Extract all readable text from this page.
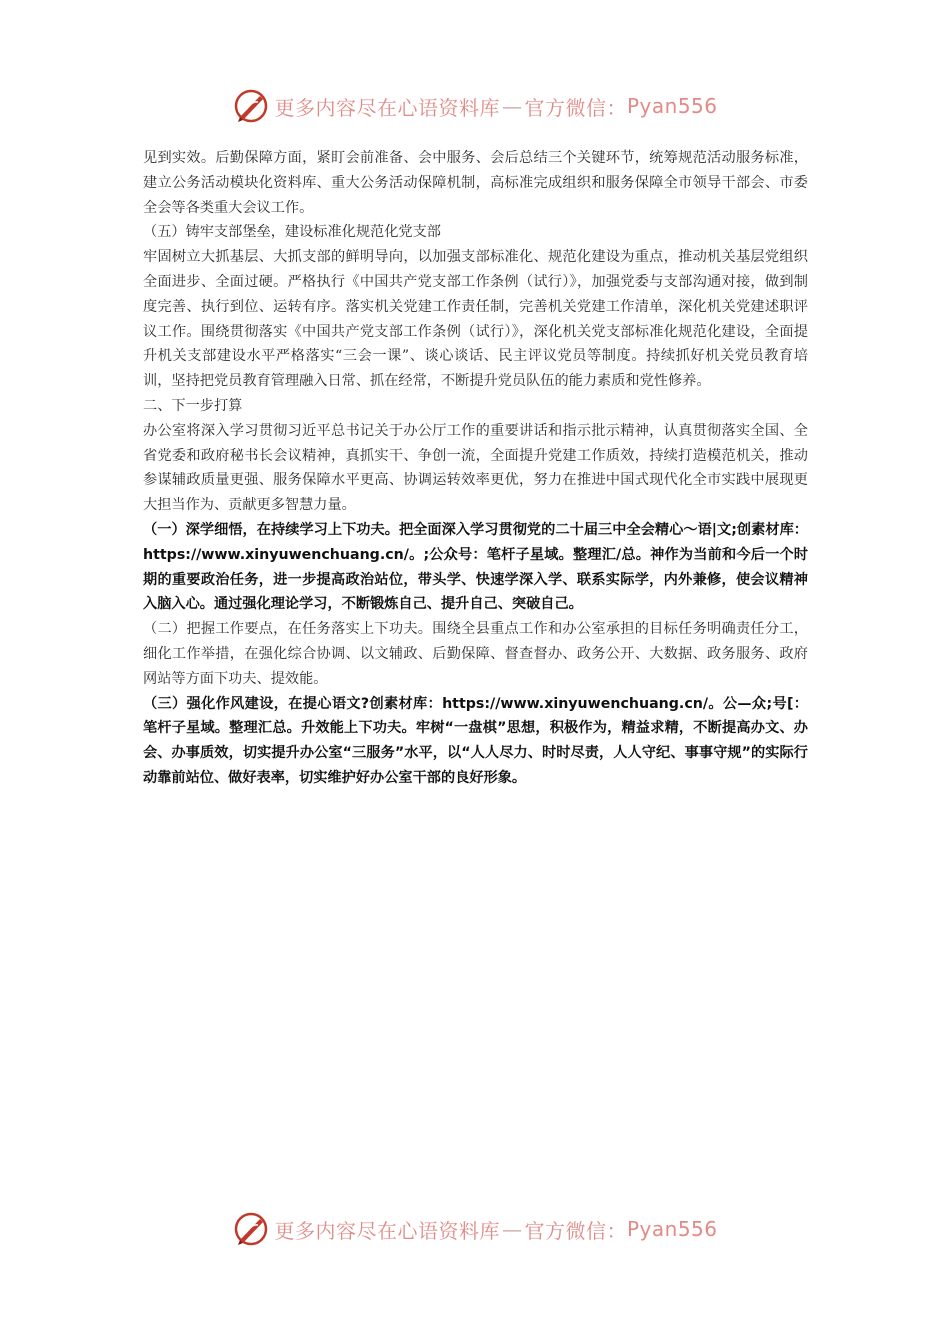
更多内容尽在心语资料库 — 官方微信： Pyan556

见到实效。后勤保障方面，紧盯会前准备、会中服务、会后总结三个关键环节，统筹规范活动服务标准，建立公务活动模块化资料库、重大公务活动保障机制，高标准完成组织和服务保障全市领导干部会、市委全会等各类重大会议工作。

（五）铸牢支部堡垒，建设标准化规范化党支部

牢固树立大抓基层、大抓支部的鲜明导向，以加强支部标准化、规范化建设为重点，推动机关基层党组织全面进步、全面过硬。严格执行《中国共产党支部工作条例（试行）》，加强党委与支部沟通对接，做到制度完善、执行到位、运转有序。落实机关党建工作责任制，完善机关党建工作清单，深化机关党建述职评议工作。围绕贯彻落实《中国共产党支部工作条例（试行）》，深化机关党支部标准化规范化建设，全面提升机关支部建设水平严格落实“三会一课”、谈心谈话、民主评议党员等制度。持续抓好机关党员教育培训，坚持把党员教育管理融入日常、抓在经常，不断提升党员队伍的能力素质和党性修养。

二、下一步打算

办公室将深入学习贯彻习近平总书记关于办公厅工作的重要讲话和指示批示精神，认真贯彻落实全国、全省党委和政府秘书长会议精神，真抓实干、争创一流，全面提升党建工作质效，持续打造模范机关，推动参谋辅政质量更强、服务保障水平更高、协调运转效率更优，努力在推进中国式现代化全市实践中展现更大担当作为、贡献更多智慧力量。

（一）深学细悟，在持续学习上下功夫。把全面深入学习贯彻党的二十届三中全会精心～语|文;创素材库：https://www.xinyuwenchuang.cn/。;公众号：笔杆子星域。整理汇/总。神作为当前和今后一个时期的重要政治任务，进一步提高政治站位，带头学、快速学深入学、联系实际学，内外兼修，使会议精神入脑入心。通过强化理论学习，不断锻炼自己、提升自己、突破自己。

（二）把握工作要点，在任务落实上下功夫。围绕全县重点工作和办公室承担的目标任务明确责任分工，细化工作举措，在强化综合协调、以文辅政、后勤保障、督查督办、政务公开、大数据、政务服务、政府网站等方面下功夫、提效能。

（三）强化作风建设，在提心语文?创素材库：https://www.xinyuwenchuang.cn/。公—众;号[：笔杆子星域。整理汇总。升效能上下功夫。牢树“一盘棋”思想，积极作为，精益求精，不断提高办文、办会、办事质效，切实提升办公室“三服务”水平，以“人人尽力、时时尽责，人人守纪、事事守规”的实际行动靠前站位、做好表率，切实维护好办公室干部的良好形象。

更多内容尽在心语资料库 — 官方微信： Pyan556
